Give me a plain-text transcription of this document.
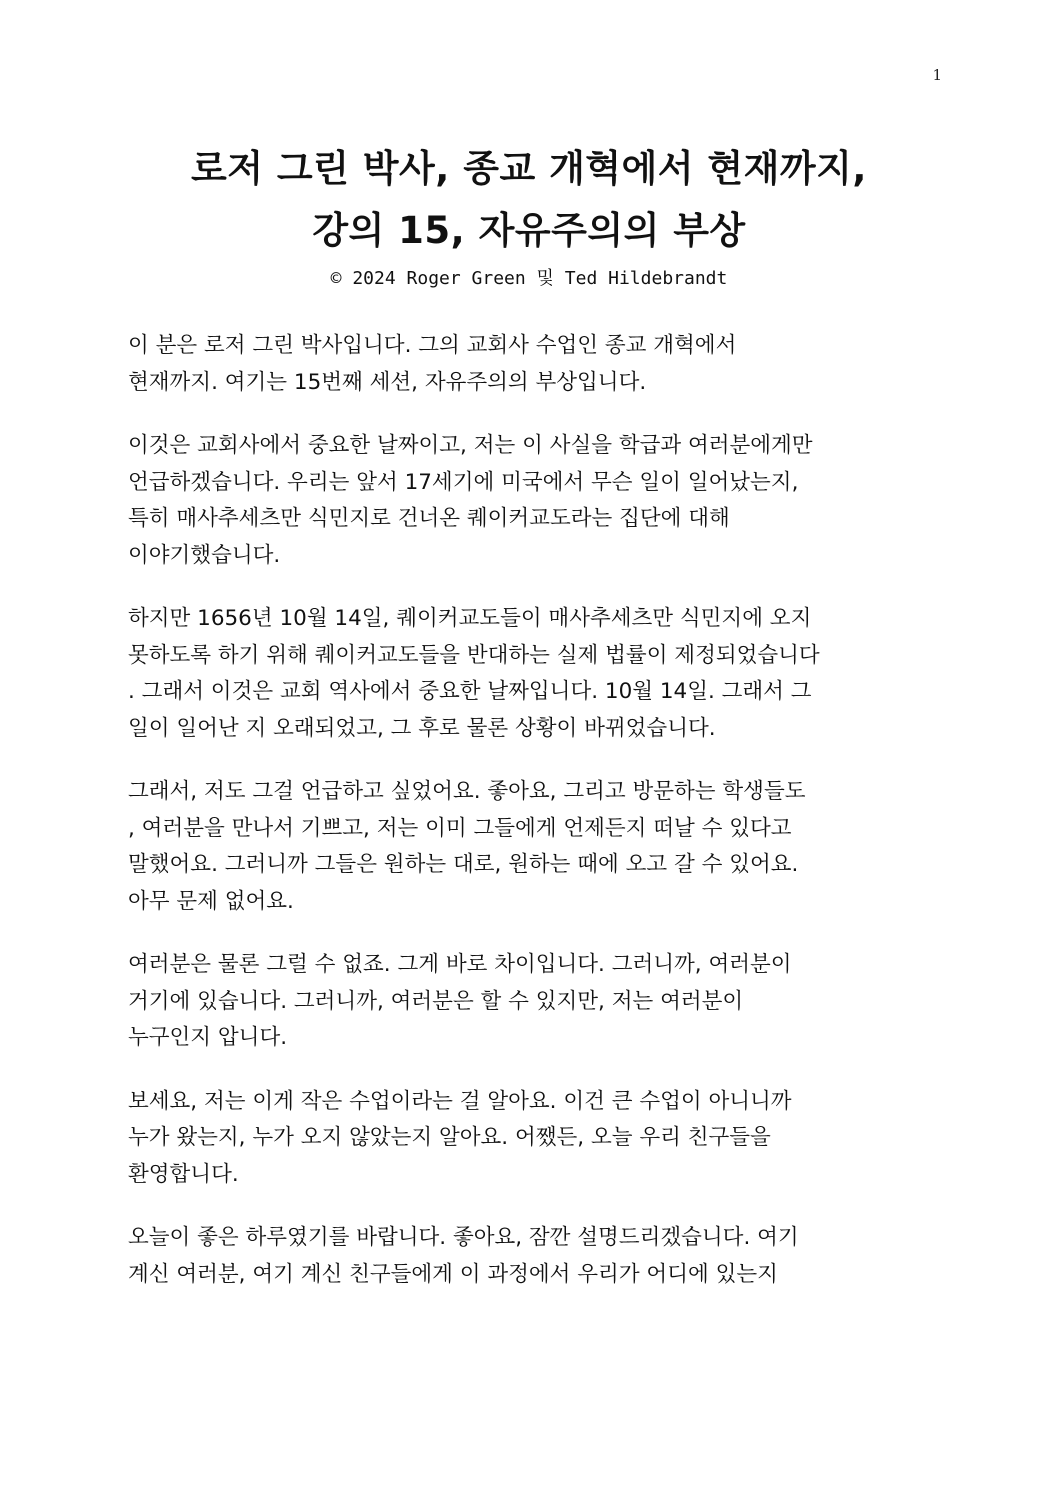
1
로저 그린 박사, 종교 개혁에서 현재까지,
강의 15, 자유주의의 부상
© 2024 Roger Green 및 Ted Hildebrandt
이 분은 로저 그린 박사입니다. 그의 교회사 수업인 종교 개혁에서
현재까지. 여기는 15번째 세션, 자유주의의 부상입니다.
이것은 교회사에서 중요한 날짜이고, 저는 이 사실을 학급과 여러분에게만
언급하겠습니다. 우리는 앞서 17세기에 미국에서 무슨 일이 일어났는지,
특히 매사추세츠만 식민지로 건너온 퀘이커교도라는 집단에 대해
이야기했습니다.
하지만 1656년 10월 14일, 퀘이커교도들이 매사추세츠만 식민지에 오지
못하도록 하기 위해 퀘이커교도들을 반대하는 실제 법률이 제정되었습니다
. 그래서 이것은 교회 역사에서 중요한 날짜입니다. 10월 14일. 그래서 그
일이 일어난 지 오래되었고, 그 후로 물론 상황이 바뀌었습니다.
그래서, 저도 그걸 언급하고 싶었어요. 좋아요, 그리고 방문하는 학생들도
, 여러분을 만나서 기쁘고, 저는 이미 그들에게 언제든지 떠날 수 있다고
말했어요. 그러니까 그들은 원하는 대로, 원하는 때에 오고 갈 수 있어요.
아무 문제 없어요.
여러분은 물론 그럴 수 없죠. 그게 바로 차이입니다. 그러니까, 여러분이
거기에 있습니다. 그러니까, 여러분은 할 수 있지만, 저는 여러분이
누구인지 압니다.
보세요, 저는 이게 작은 수업이라는 걸 알아요. 이건 큰 수업이 아니니까
누가 왔는지, 누가 오지 않았는지 알아요. 어쨌든, 오늘 우리 친구들을
환영합니다.
오늘이 좋은 하루였기를 바랍니다. 좋아요, 잠깐 설명드리겠습니다. 여기
계신 여러분, 여기 계신 친구들에게 이 과정에서 우리가 어디에 있는지
